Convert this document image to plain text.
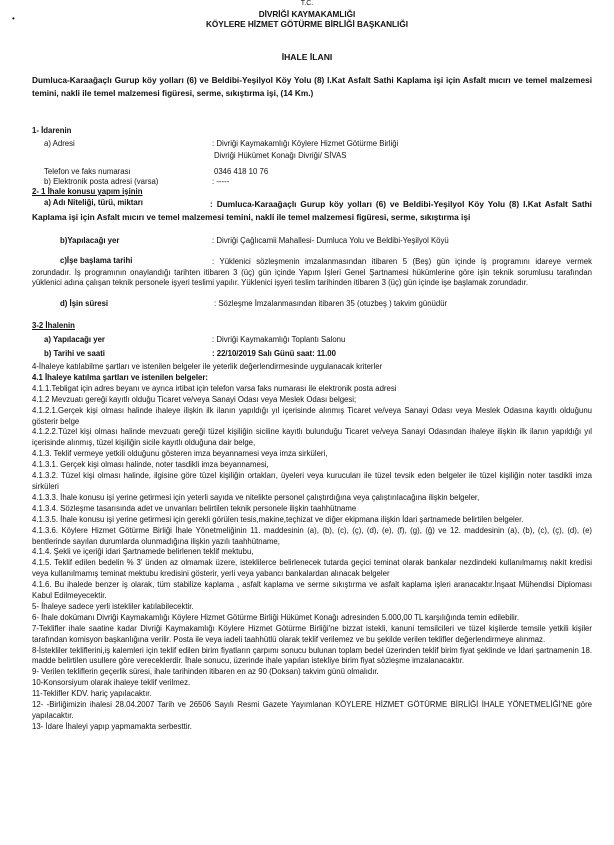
•
T.C.
DİVRİĞİ KAYMAKAMLIĞI
KÖYLERE HİZMET GÖTÜRME BİRLİĞİ BAŞKANLIĞI
İHALE İLANI
Dumluca-Karaağaçlı Gurup köy yolları (6) ve Beldibi-Yeşilyol Köy Yolu (8) I.Kat Asfalt Sathi Kaplama işi için Asfalt mıcırı ve temel malzemesi temini, nakli ile temel malzemesi figüresi, serme, sıkıştırma işi, (14 Km.)
1- İdarenin
a) Adresi	: Divriği Kaymakamlığı Köylere Hizmet Götürme Birliği
Divriği Hükümet Konağı Divriği/ SİVAS
Telefon ve faks numarası	0346 418 10 76
b) Elektronik posta adresi (varsa)	: -----
2- 1 İhale konusu yapım işinin
a) Adı Niteliği, türü, miktarı	: Dumluca-Karaağaçlı Gurup köy yolları (6) ve Beldibi-Yeşilyol Köy Yolu (8) I.Kat Asfalt Sathi Kaplama işi için Asfalt mıcırı ve temel malzemesi temini, nakli ile temel malzemesi figüresi, serme, sıkıştırma işi
b)Yapılacağı yer	: Divriği Çağlıcamii Mahallesi- Dumluca Yolu ve Beldibi-Yeşilyol Köyü
c)İşe başlama tarihi	: Yüklenici sözleşmenin imzalanmasından itibaren 5 (Beş) gün içinde iş programını idareye vermek zorundadır. İş programının onaylandığı tarihten itibaren 3 (üç) gün içinde Yapım İşleri Genel Şartnamesi hükümlerine göre işin teknik sorumlusu tarafından yüklenici adına çalışan teknik personele işyeri teslimi yapılır. Yüklenici işyeri teslim tarihinden itibaren 3 (üç) gün içinde işe başlamak zorundadır.
d) İşin süresi	: Sözleşme İmzalanmasından itibaren 35 (otuzbeş ) takvim günüdür
3-2 İhalenin
a) Yapılacağı yer	: Divriği Kaymakamlığı Toplantı Salonu
b) Tarihi ve saati	: 22/10/2019 Salı Günü saat: 11.00
4-İhaleye katılabilme şartları ve istenilen belgeler ile yeterlik değerlendirmesinde uygulanacak kriterler
4.1 İhaleye katılma şartları ve istenilen belgeler:
4.1.1.Tebligat için adres beyanı ve ayrıca irtibat için telefon varsa faks numarası ile elektronik posta adresi
4.1.2 Mevzuatı gereği kayıtlı olduğu Ticaret ve/veya Sanayi Odası veya Meslek Odası belgesi;
4.1.2.1.Gerçek kişi olması halinde ihaleye ilişkin ilk ilanın yapıldığı yıl içerisinde alınmış Ticaret ve/veya Sanayi Odası veya Meslek Odasına kayıtlı olduğunu gösterir belge
4.1.2.2.Tüzel kişi olması halinde mevzuatı gereği tüzel kişiliğin siciline kayıtlı bulunduğu Ticaret ve/veya Sanayi Odasından ihaleye ilişkin ilk ilanın yapıldığı yıl içerisinde alınmış, tüzel kişiliğin sicile kayıtlı olduğuna dair belge,
4.1.3. Teklif vermeye yetkili olduğunu gösteren imza beyannamesi veya imza sirküleri,
4.1.3.1. Gerçek kişi olması halinde, noter tasdikli imza beyannamesi,
4.1.3.2. Tüzel kişi olması halinde, ilgisine göre tüzel kişiliğin ortakları, üyeleri veya kurucuları ile tüzel tevsik eden belgeler ile tüzel kişiliğin noter tasdikli imza sirküleri
4.1.3.3. İhale konusu işi yerine getirmesi için yeterli sayıda ve nitelikte personel çalıştırdığına veya çalıştırılacağına ilişkin belgeler,
4.1.3.4. Sözleşme tasarısında adet ve unvanları belirtilen teknik personele ilişkin taahhütname
4.1.3.5. İhale konusu işi yerine getirmesi için gerekli görülen tesis,makine,teçhizat ve diğer ekipmana ilişkin İdari şartnamede belirtilen belgeler.
4.1.3.6. Köylere Hizmet Götürme Birliği İhale Yönetmeliğinin 11. maddesinin (a), (b), (c), (ç), (d), (e), (f), (g), (ğ) ve 12. maddesinin (a), (b), (c), (ç), (d), (e) bentlerinde sayılan durumlarda olunmadığına ilişkin yazılı taahhütname,
4.1.4. Şekli ve içeriği idari Şartnamede belirlenen teklif mektubu,
4.1.5. Teklif edilen bedelin % 3' ünden az olmamak üzere, isteklilerce belirlenecek tutarda geçici teminat olarak bankalar nezdindeki kullanılmamış nakit kredisi veya kullanılmamış teminat mektubu kredisini gösterir, yerli veya yabancı bankalardan alınacak belgeler
4.1.6. Bu ihalede benzer iş olarak, tüm stabilize kaplama , asfalt kaplama ve serme sıkıştırma ve asfalt kaplama işleri aranacaktır.İnşaat Mühendisi Diploması Kabul Edilmeyecektir.
5- İhaleye sadece yerli istekliler katılabilecektir.
6- İhale dokümanı Divriği Kaymakamlığı Köylere Hizmet Götürme Birliği Hükümet Konağı adresinden 5.000,00 TL karşılığında temin edilebilir.
7-Teklifler ihale saatine kadar Divriği Kaymakamlığı Köylere Hizmet Götürme Birliği'ne bizzat istekli, kanuni temsilcileri ve tüzel kişilerde temsile yetkili kişiler tarafından komisyon başkanlığına verilir. Posta ile veya iadeli taahhütlü olarak teklif verilemez ve bu şekilde verilen teklifler değerlendirmeye alınmaz.
8-İstekliler tekliflerini,iş kalemleri için teklif edilen birim fiyatların çarpımı sonucu bulunan toplam bedel üzerinden teklif birim fiyat şeklinde ve İdari şartnamenin 18. madde belirtilen usullere göre vereceklerdir. İhale sonucu, üzerinde ihale yapılan istekliye birim fiyat sözleşme imzalanacaktır.
9- Verilen tekliflerin geçerlik süresi, ihale tarihinden itibaren en az 90 (Doksan) takvim günü olmalıdır.
10-Konsorsiyum olarak ihaleye teklif verilmez.
11-Teklifler KDV. hariç yapılacaktır.
12- -Birliğimizin ihalesi 28.04.2007 Tarih ve 26506 Sayılı Resmi Gazete Yayımlanan KÖYLERE HİZMET GÖTÜRME BİRLİĞİ İHALE YÖNETMELİĞİ'NE göre yapılacaktır.
13- İdare İhaleyi yapıp yapmamakta serbesttir.
